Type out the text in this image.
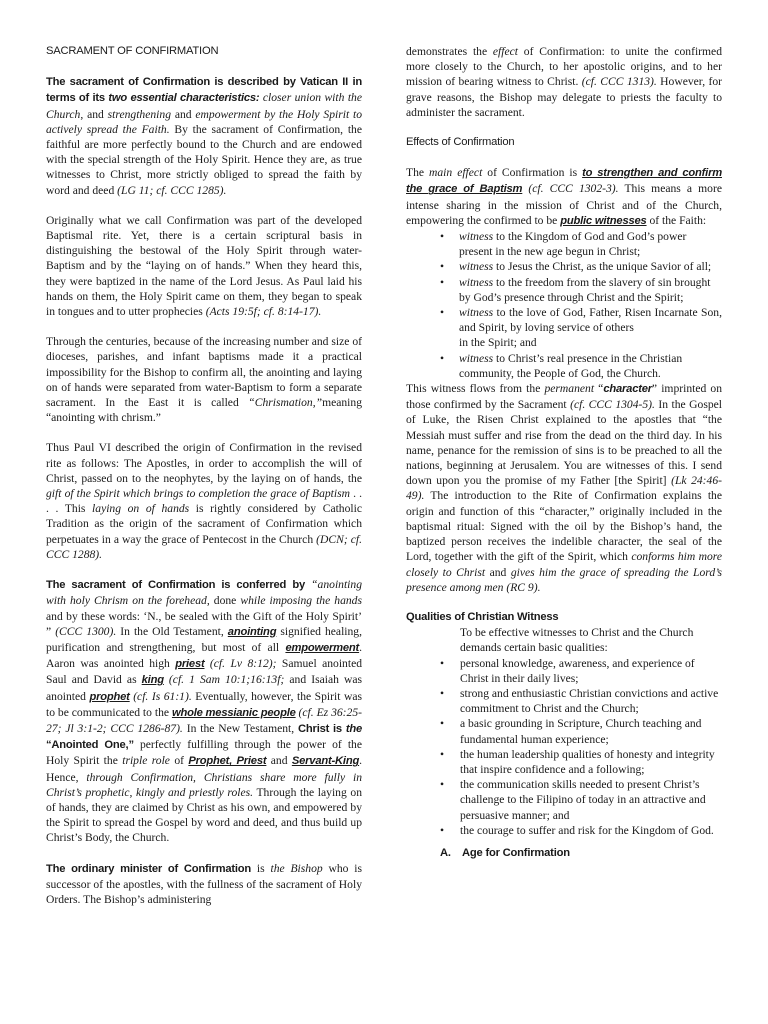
SACRAMENT OF CONFIRMATION

The sacrament of Confirmation is described by Vatican II in terms of its two essential characteristics: closer union with the Church, and strengthening and empowerment by the Holy Spirit to actively spread the Faith. By the sacrament of Confirmation, the faithful are more perfectly bound to the Church and are endowed with the special strength of the Holy Spirit. Hence they are, as true witnesses to Christ, more strictly obliged to spread the faith by word and deed (LG 11; cf. CCC 1285).

Originally what we call Confirmation was part of the developed Baptismal rite. Yet, there is a certain scriptural basis in distinguishing the bestowal of the Holy Spirit through water-Baptism and by the “laying on of hands.” When they heard this, they were baptized in the name of the Lord Jesus. As Paul laid his hands on them, the Holy Spirit came on them, they began to speak in tongues and to utter prophecies (Acts 19:5f; cf. 8:14-17).

Through the centuries, because of the increasing number and size of dioceses, parishes, and infant baptisms made it a practical impossibility for the Bishop to confirm all, the anointing and laying on of hands were separated from water-Baptism to form a separate sacrament. In the East it is called “Chrismation,”meaning “anointing with chrism.”

Thus Paul VI described the origin of Confirmation in the revised rite as follows: The Apostles, in order to accomplish the will of Christ, passed on to the neophytes, by the laying on of hands, the gift of the Spirit which brings to completion the grace of Baptism . . . . This laying on of hands is rightly considered by Catholic Tradition as the origin of the sacrament of Confirmation which perpetuates in a way the grace of Pentecost in the Church (DCN; cf. CCC 1288).

The sacrament of Confirmation is conferred by “anointing with holy Chrism on the forehead, done while imposing the hands and by these words: ‘N., be sealed with the Gift of the Holy Spirit’ ” (CCC 1300). In the Old Testament, anointing signified healing, purification and strengthening, but most of all empowerment. Aaron was anointed high priest (cf. Lv 8:12); Samuel anointed Saul and David as king (cf. 1 Sam 10:1;16:13f; and Isaiah was anointed prophet (cf. Is 61:1). Eventually, however, the Spirit was to be communicated to the whole messianic people (cf. Ez 36:25-27; Jl 3:1-2; CCC 1286-87). In the New Testament, Christ is the “Anointed One,” perfectly fulfilling through the power of the Holy Spirit the triple role of Prophet, Priest and Servant-King. Hence, through Confirmation, Christians share more fully in Christ’s prophetic, kingly and priestly roles. Through the laying on of hands, they are claimed by Christ as his own, and empowered by the Spirit to spread the Gospel by word and deed, and thus build up Christ’s Body, the Church.

The ordinary minister of Confirmation is the Bishop who is successor of the apostles, with the fullness of the sacrament of Holy Orders. The Bishop’s administering

demonstrates the effect of Confirmation: to unite the confirmed more closely to the Church, to her apostolic origins, and to her mission of bearing witness to Christ. (cf. CCC 1313). However, for grave reasons, the Bishop may delegate to priests the faculty to administer the sacrament.

Effects of Confirmation

The main effect of Confirmation is to strengthen and confirm the grace of Baptism (cf. CCC 1302-3). This means a more intense sharing in the mission of Christ and of the Church, empowering the confirmed to be public witnesses of the Faith:
• witness to the Kingdom of God and God’s power present in the new age begun in Christ;
• witness to Jesus the Christ, as the unique Savior of all;
• witness to the freedom from the slavery of sin brought by God’s presence through Christ and the Spirit;
• witness to the love of God, Father, Risen Incarnate Son, and Spirit, by loving service of others
in the Spirit; and
• witness to Christ’s real presence in the Christian community, the People of God, the Church.

This witness flows from the permanent “character” imprinted on those confirmed by the Sacrament (cf. CCC 1304-5). In the Gospel of Luke, the Risen Christ explained to the apostles that “the Messiah must suffer and rise from the dead on the third day. In his name, penance for the remission of sins is to be preached to all the nations, beginning at Jerusalem. You are witnesses of this. I send down upon you the promise of my Father [the Spirit] (Lk 24:46-49). The introduction to the Rite of Confirmation explains the origin and function of this “character,” originally included in the baptismal ritual: Signed with the oil by the Bishop’s hand, the baptized person receives the indelible character, the seal of the Lord, together with the gift of the Spirit, which conforms him more closely to Christ and gives him the grace of spreading the Lord’s presence among men (RC 9).

Qualities of Christian Witness
To be effective witnesses to Christ and the Church demands certain basic qualities:
• personal knowledge, awareness, and experience of Christ in their daily lives;
• strong and enthusiastic Christian convictions and active commitment to Christ and the Church;
• a basic grounding in Scripture, Church teaching and fundamental human experience;
• the human leadership qualities of honesty and integrity that inspire confidence and a following;
• the communication skills needed to present Christ’s challenge to the Filipino of today in an attractive and persuasive manner; and
• the courage to suffer and risk for the Kingdom of God.
A. Age for Confirmation
